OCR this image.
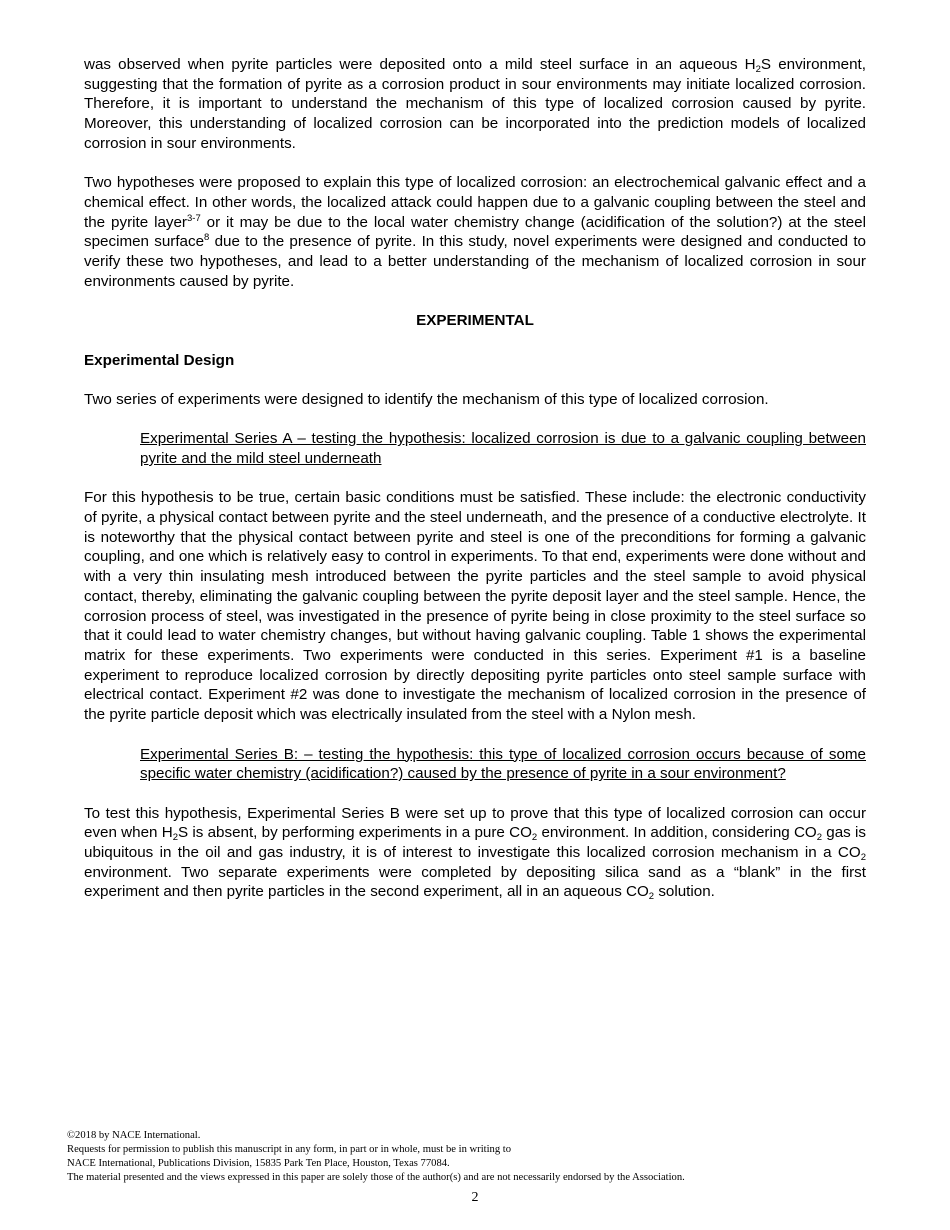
was observed when pyrite particles were deposited onto a mild steel surface in an aqueous $H_2S$ environment, suggesting that the formation of pyrite as a corrosion product in sour environments may initiate localized corrosion. Therefore, it is important to understand the mechanism of this type of localized corrosion caused by pyrite. Moreover, this understanding of localized corrosion can be incorporated into the prediction models of localized corrosion in sour environments.

Two hypotheses were proposed to explain this type of localized corrosion: an electrochemical galvanic effect and a chemical effect. In other words, the localized attack could happen due to a galvanic coupling between the steel and the pyrite layer$^{3-7}$ or it may be due to the local water chemistry change (acidification of the solution?) at the steel specimen surface$^8$ due to the presence of pyrite. In this study, novel experiments were designed and conducted to verify these two hypotheses, and lead to a better understanding of the mechanism of localized corrosion in sour environments caused by pyrite.

EXPERIMENTAL

Experimental Design

Two series of experiments were designed to identify the mechanism of this type of localized corrosion.

Experimental Series A – testing the hypothesis: localized corrosion is due to a galvanic coupling between pyrite and the mild steel underneath

For this hypothesis to be true, certain basic conditions must be satisfied. These include: the electronic conductivity of pyrite, a physical contact between pyrite and the steel underneath, and the presence of a conductive electrolyte. It is noteworthy that the physical contact between pyrite and steel is one of the preconditions for forming a galvanic coupling, and one which is relatively easy to control in experiments. To that end, experiments were done without and with a very thin insulating mesh introduced between the pyrite particles and the steel sample to avoid physical contact, thereby, eliminating the galvanic coupling between the pyrite deposit layer and the steel sample. Hence, the corrosion process of steel, was investigated in the presence of pyrite being in close proximity to the steel surface so that it could lead to water chemistry changes, but without having galvanic coupling. Table 1 shows the experimental matrix for these experiments. Two experiments were conducted in this series. Experiment #1 is a baseline experiment to reproduce localized corrosion by directly depositing pyrite particles onto steel sample surface with electrical contact. Experiment #2 was done to investigate the mechanism of localized corrosion in the presence of the pyrite particle deposit which was electrically insulated from the steel with a Nylon mesh.

Experimental Series B: – testing the hypothesis: this type of localized corrosion occurs because of some specific water chemistry (acidification?) caused by the presence of pyrite in a sour environment?

To test this hypothesis, Experimental Series B were set up to prove that this type of localized corrosion can occur even when $H_2S$ is absent, by performing experiments in a pure $CO_2$ environment. In addition, considering $CO_2$ gas is ubiquitous in the oil and gas industry, it is of interest to investigate this localized corrosion mechanism in a $CO_2$ environment. Two separate experiments were completed by depositing silica sand as a “blank” in the first experiment and then pyrite particles in the second experiment, all in an aqueous $CO_2$ solution.

©2018 by NACE International.
Requests for permission to publish this manuscript in any form, in part or in whole, must be in writing to
NACE International, Publications Division, 15835 Park Ten Place, Houston, Texas 77084.
The material presented and the views expressed in this paper are solely those of the author(s) and are not necessarily endorsed by the Association.
2
